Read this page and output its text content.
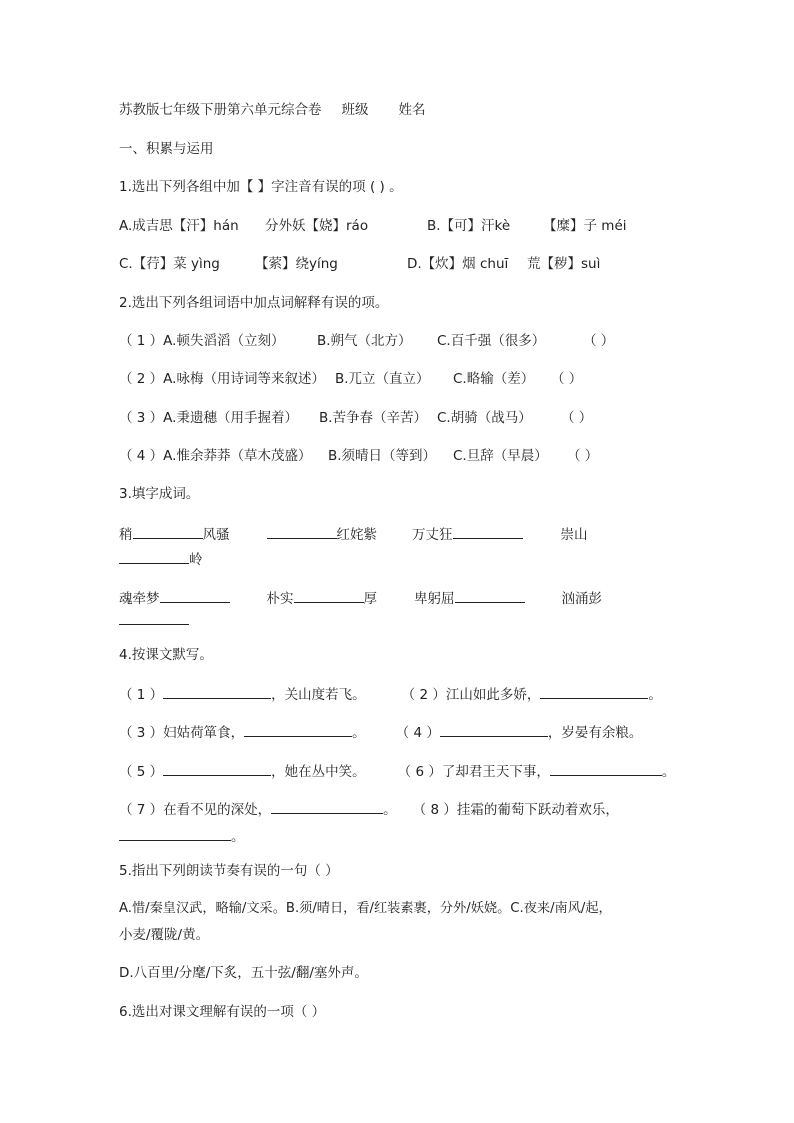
苏教版七年级下册第六单元综合卷 班级 姓名
一、积累与运用
1.选出下列各组中加【 】字注音有误的项 ( ) 。
A.成吉思【汗】hán 分外妖【娆】ráo	B.【可】汗kè 【糜】子 méi
C.【荇】菜 yìng	【萦】绕yíng	D.【炊】烟 chuī 荒【秽】suì
2.选出下列各组词语中加点词解释有误的项。
（ 1 ）A.顿失滔滔（立刻） B.朔气（北方） C.百千强（很多）	（ ）
（ 2 ）A.咏梅（用诗词等来叙述） B.兀立（直立） C.略输（差） （ ）
（ 3 ）A.秉遗穗（用手握着） B.苦争春（辛苦） C.胡骑（战马） （ ）
（ 4 ）A.惟余莽莽（草木茂盛） B.须晴日（等到） C.旦辞（早晨） （ ）
3.填字成词。
稍	风骚	红姹紫	万丈狂	崇山
岭
魂牵梦	朴实	厚	卑躬屈	汹涌彭
4.按课文默写。
（ 1 ）	，关山度若飞。	（ 2 ）江山如此多娇，	。
（ 3 ）妇姑荷箪食，	。 （ 4 ）	，岁晏有余粮。
（ 5 ）	，她在丛中笑。 （ 6 ）了却君王天下事，	。
（ 7 ）在看不见的深处，	。 （ 8 ）挂霜的葡萄下跃动着欢乐，
。
5.指出下列朗读节奏有误的一句（ ）
A.惜/秦皇汉武，略输/文采。B.须/晴日，看/红装素裹，分外/妖娆。C.夜来/南风/起，
小麦/覆陇/黄。
D.八百里/分麾/下炙，五十弦/翻/塞外声。
6.选出对课文理解有误的一项（ ）
